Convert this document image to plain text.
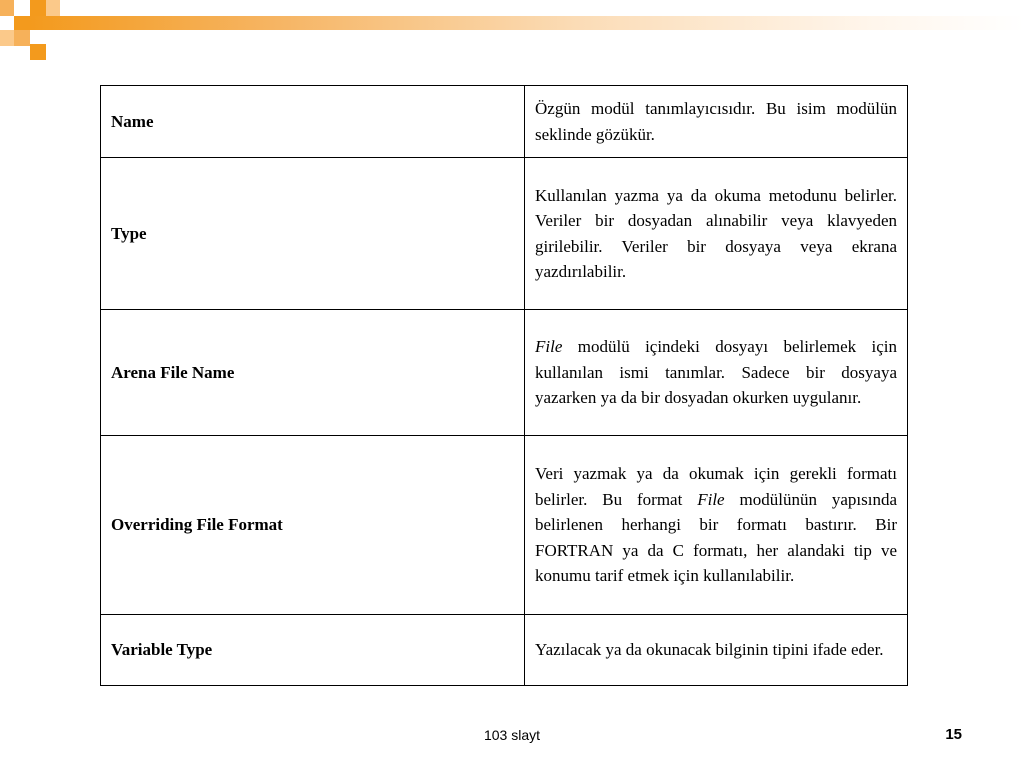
Name	Özgün modül tanımlayıcısıdır. Bu isim modülün seklinde gözükür.
Type	Kullanılan yazma ya da okuma metodunu belirler. Veriler bir dosyadan alınabilir veya klavyeden girilebilir. Veriler bir dosyaya veya ekrana yazdırılabilir.
Arena File Name	File modülü içindeki dosyayı belirlemek için kullanılan ismi tanımlar. Sadece bir dosyaya yazarken ya da bir dosyadan okurken uygulanır.
Overriding File Format	Veri yazmak ya da okumak için gerekli formatı belirler. Bu format File modülünün yapısında belirlenen herhangi bir formatı bastırır. Bir FORTRAN ya da C formatı, her alandaki tip ve konumu tarif etmek için kullanılabilir.
Variable Type	Yazılacak ya da okunacak bilginin tipini ifade eder.
103 slayt	15
